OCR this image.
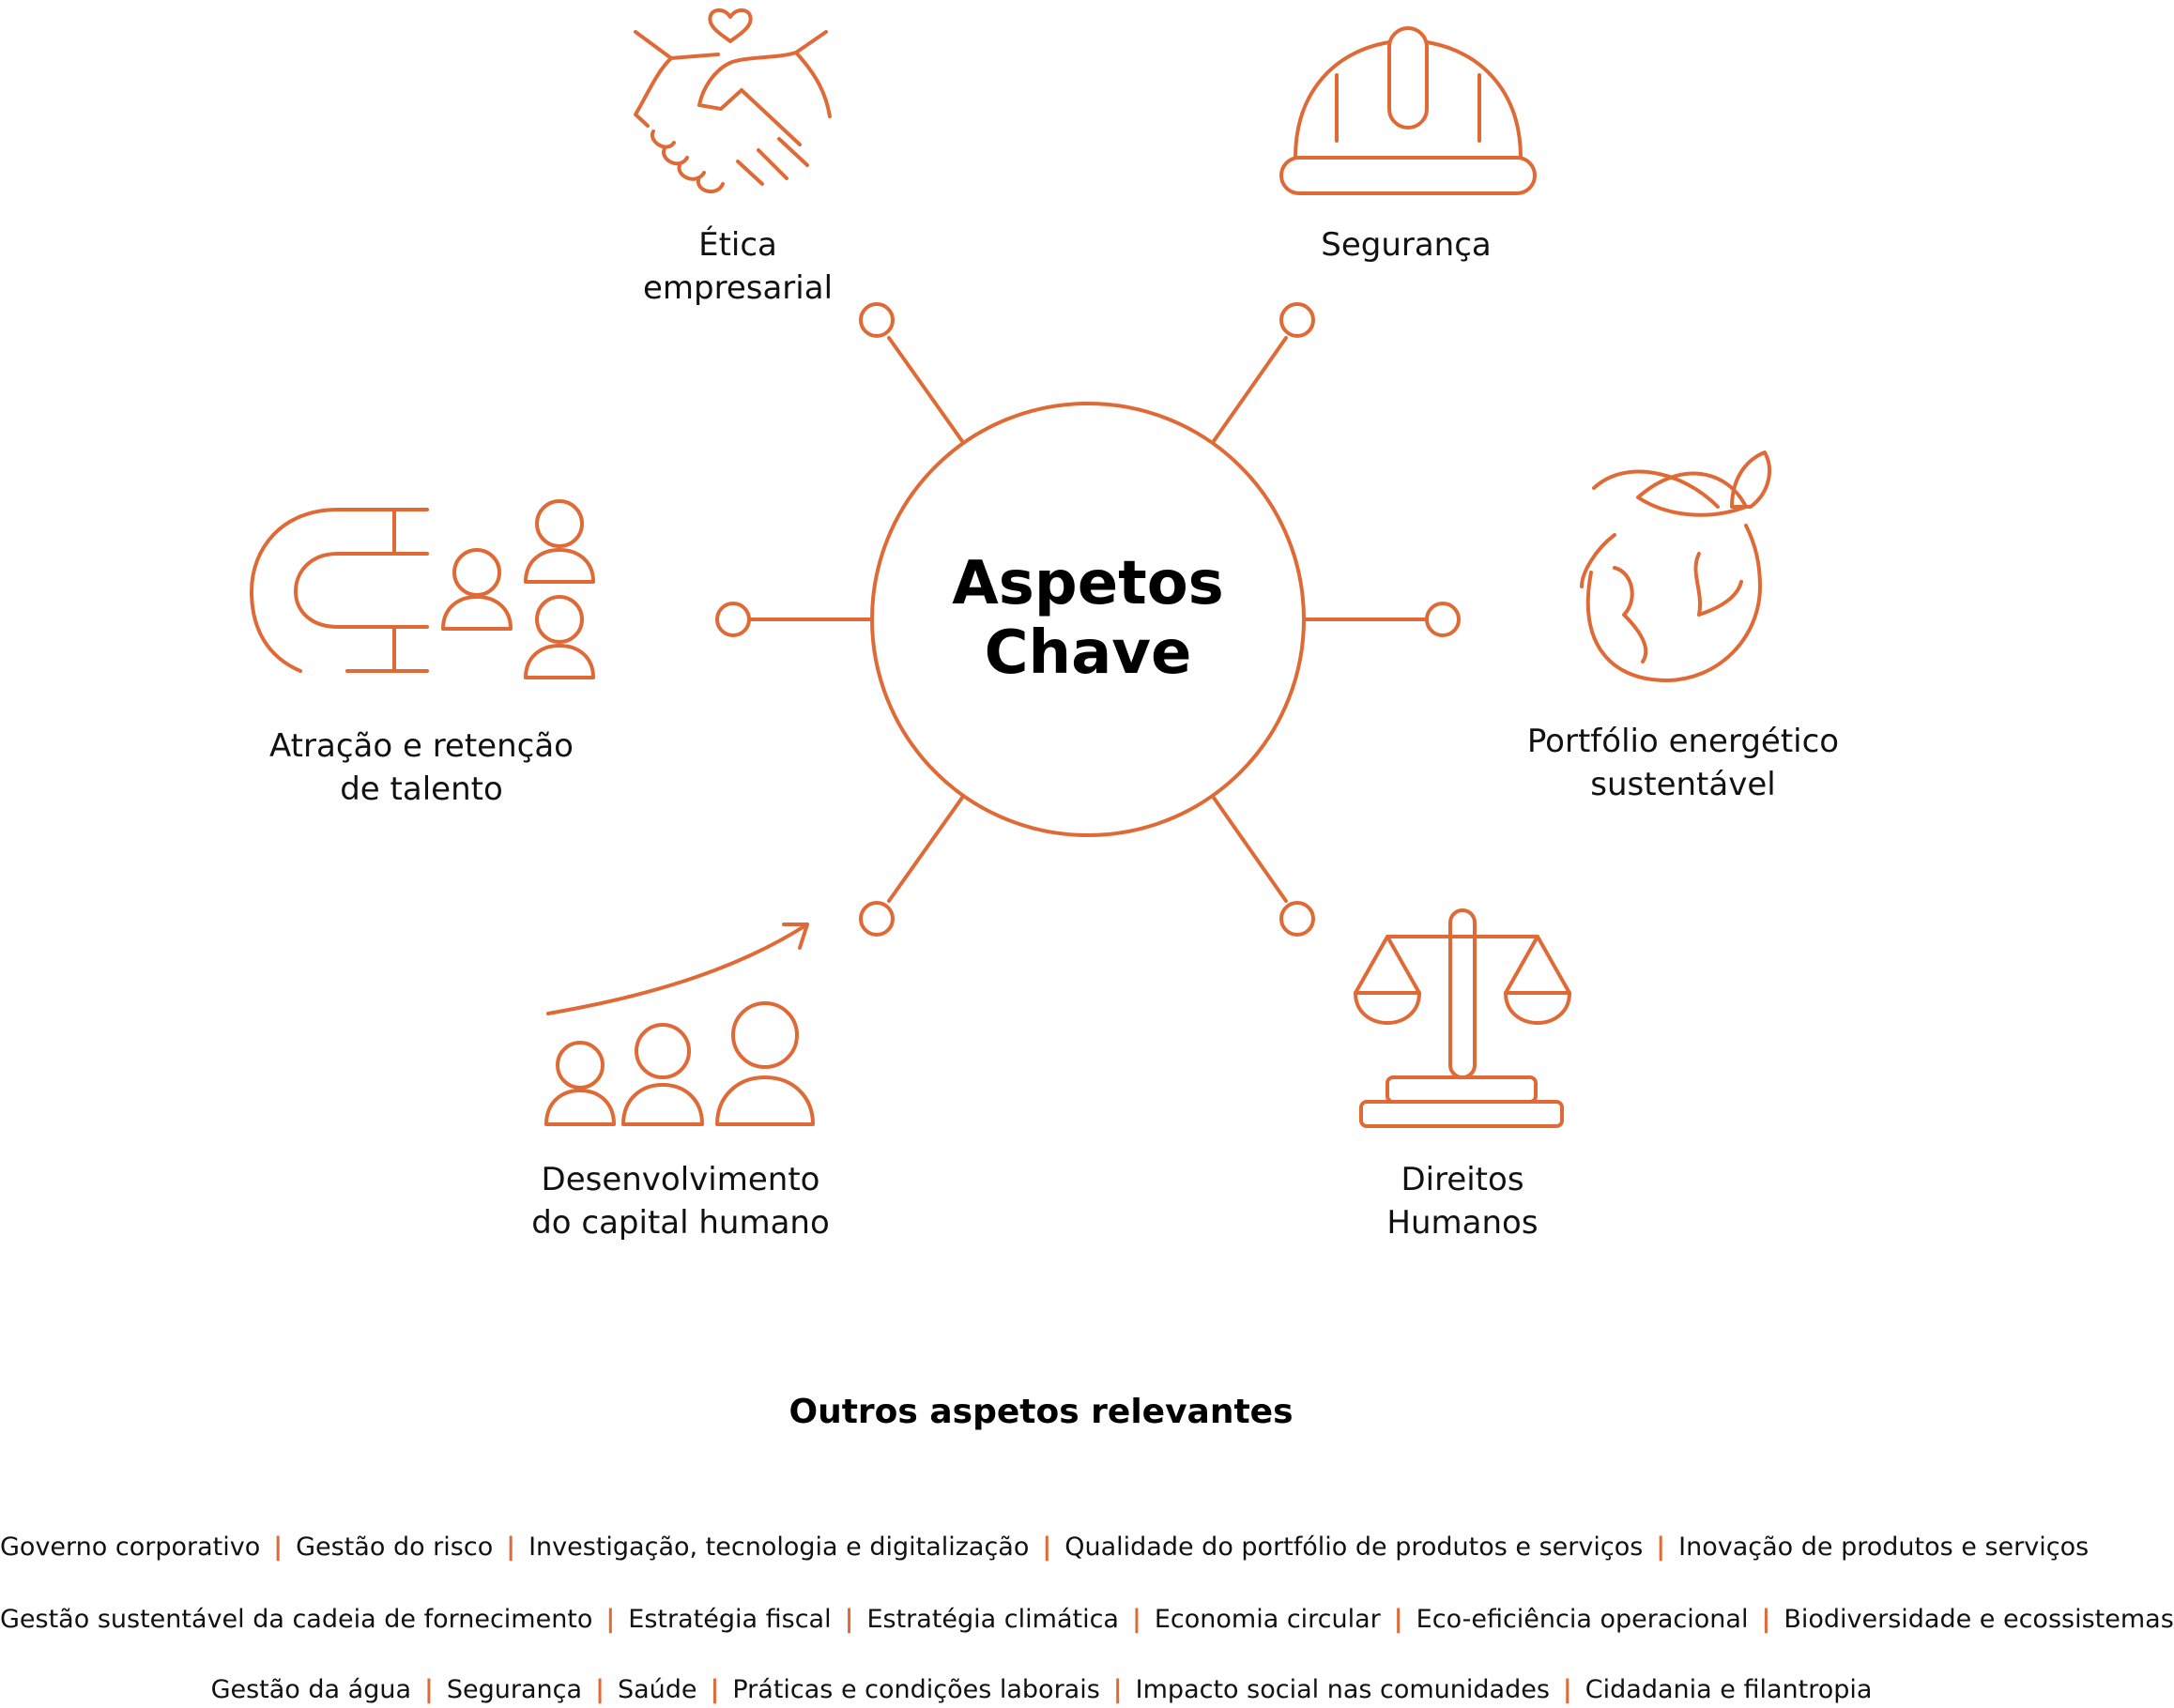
Aspetos
Chave
Ética
empresarial
Segurança
Atração e retenção
de talento
Portfólio energético
sustentável
Desenvolvimento
do capital humano
Direitos
Humanos
Outros aspetos relevantes
Governo corporativo | Gestão do risco | Investigação, tecnologia e digitalização | Qualidade do portfólio de produtos e serviços | Inovação de produtos e serviços
Gestão sustentável da cadeia de fornecimento | Estratégia fiscal | Estratégia climática | Economia circular | Eco-eficiência operacional | Biodiversidade e ecossistemas
Gestão da água | Segurança | Saúde | Práticas e condições laborais | Impacto social nas comunidades | Cidadania e filantropia
